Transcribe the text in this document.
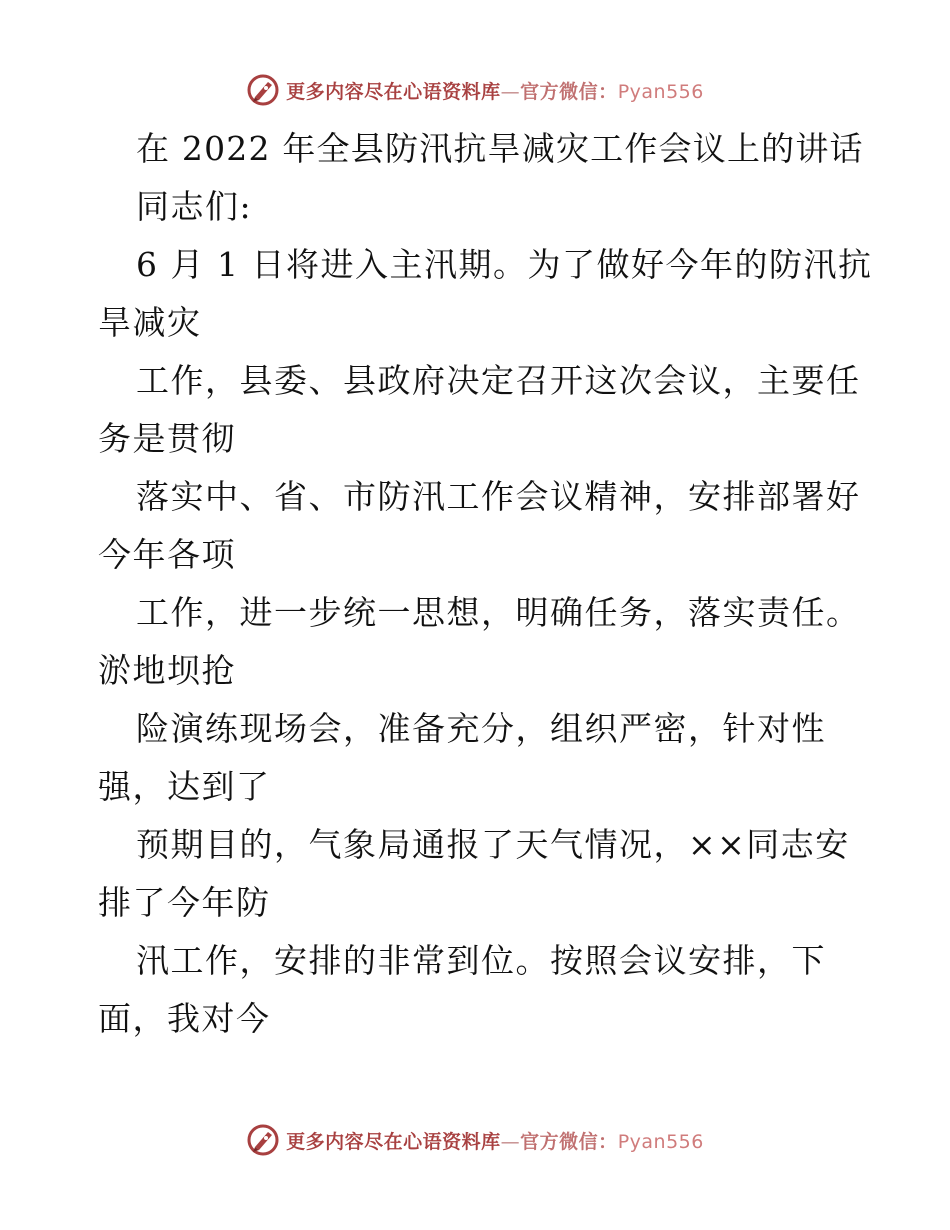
更多内容尽在心语资料库 — 官方微信： Pyan556
在 2022 年全县防汛抗旱减灾工作会议上的讲话
同志们:
6 月 1 日将进入主汛期。为了做好今年的防汛抗
旱减灾
工作，县委、县政府决定召开这次会议，主要任
务是贯彻
落实中、省、市防汛工作会议精神，安排部署好
今年各项
工作，进一步统一思想，明确任务，落实责任。
淤地坝抢
险演练现场会，准备充分，组织严密，针对性
强，达到了
预期目的，气象局通报了天气情况，××同志安
排了今年防
汛工作，安排的非常到位。按照会议安排，下
面，我对今
更多内容尽在心语资料库 — 官方微信： Pyan556
